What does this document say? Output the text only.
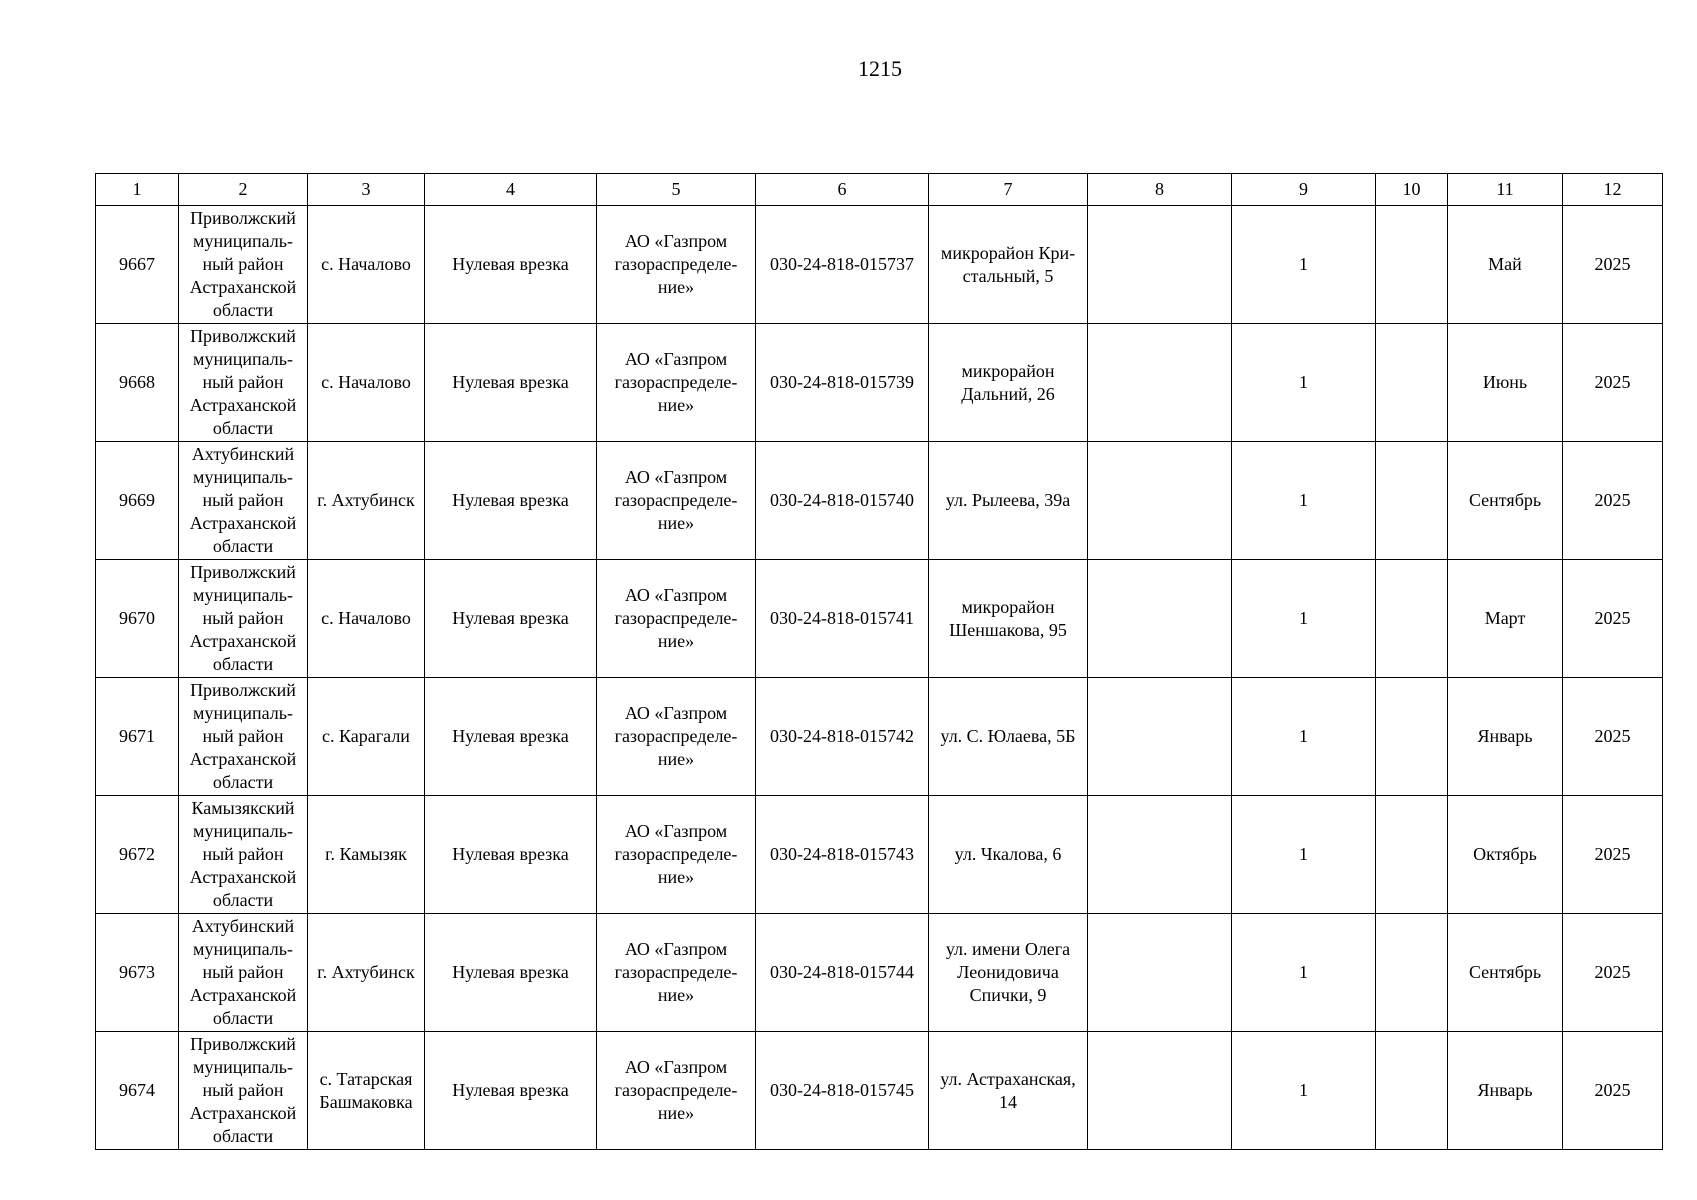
1215
1	2	3	4	5	6	7	8	9	10	11	12
9667	Приволжский
муниципаль-
ный район
Астраханской
области	с. Началово	Нулевая врезка	АО «Газпром
газораспределе-
ние»	030-24-818-015737	микрорайон Кри-
стальный, 5		1		Май	2025
9668	Приволжский
муниципаль-
ный район
Астраханской
области	с. Началово	Нулевая врезка	АО «Газпром
газораспределе-
ние»	030-24-818-015739	микрорайон
Дальний, 26		1		Июнь	2025
9669	Ахтубинский
муниципаль-
ный район
Астраханской
области	г. Ахтубинск	Нулевая врезка	АО «Газпром
газораспределе-
ние»	030-24-818-015740	ул. Рылеева, 39а		1		Сентябрь	2025
9670	Приволжский
муниципаль-
ный район
Астраханской
области	с. Началово	Нулевая врезка	АО «Газпром
газораспределе-
ние»	030-24-818-015741	микрорайон
Шеншакова, 95		1		Март	2025
9671	Приволжский
муниципаль-
ный район
Астраханской
области	с. Карагали	Нулевая врезка	АО «Газпром
газораспределе-
ние»	030-24-818-015742	ул. С. Юлаева, 5Б		1		Январь	2025
9672	Камызякский
муниципаль-
ный район
Астраханской
области	г. Камызяк	Нулевая врезка	АО «Газпром
газораспределе-
ние»	030-24-818-015743	ул. Чкалова, 6		1		Октябрь	2025
9673	Ахтубинский
муниципаль-
ный район
Астраханской
области	г. Ахтубинск	Нулевая врезка	АО «Газпром
газораспределе-
ние»	030-24-818-015744	ул. имени Олега
Леонидовича
Спички, 9		1		Сентябрь	2025
9674	Приволжский
муниципаль-
ный район
Астраханской
области	с. Татарская
Башмаковка	Нулевая врезка	АО «Газпром
газораспределе-
ние»	030-24-818-015745	ул. Астраханская,
14		1		Январь	2025
